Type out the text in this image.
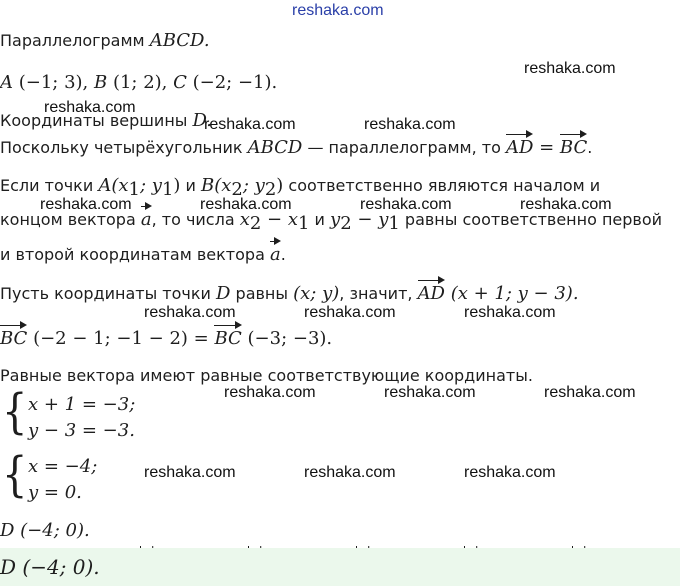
reshaka.com
Параллелограмм ABCD.
reshaka.com
A (−1; 3), B (1; 2), C (−2; −1).
reshaka.com
Координаты вершины D.
reshaka.com	reshaka.com
Поскольку четырёхугольник ABCD — параллелограмм, то AD = BC.
Если точки $A(x_1$; $y_1$) и $B(x_2$; $y_2$) соответственно являются началом и
reshaka.com	reshaka.com	reshaka.com	reshaka.com
концом вектора a, то числа $x_2 - x_1$ и $y_2 - y_1$ равны соответственно первой
и второй координатам вектора a.
Пусть координаты точки D равны (x; y), значит, AD (x + 1; y − 3).
reshaka.com	reshaka.com	reshaka.com
BC (−2 − 1; −1 − 2) = BC (−3; −3).
Равные вектора имеют равные соответствующие координаты.
{ x + 1 = −3;
y − 3 = −3.
reshaka.com	reshaka.com	reshaka.com
{ x = −4;
y = 0.
reshaka.com	reshaka.com	reshaka.com
D (−4; 0).
D (−4; 0).
